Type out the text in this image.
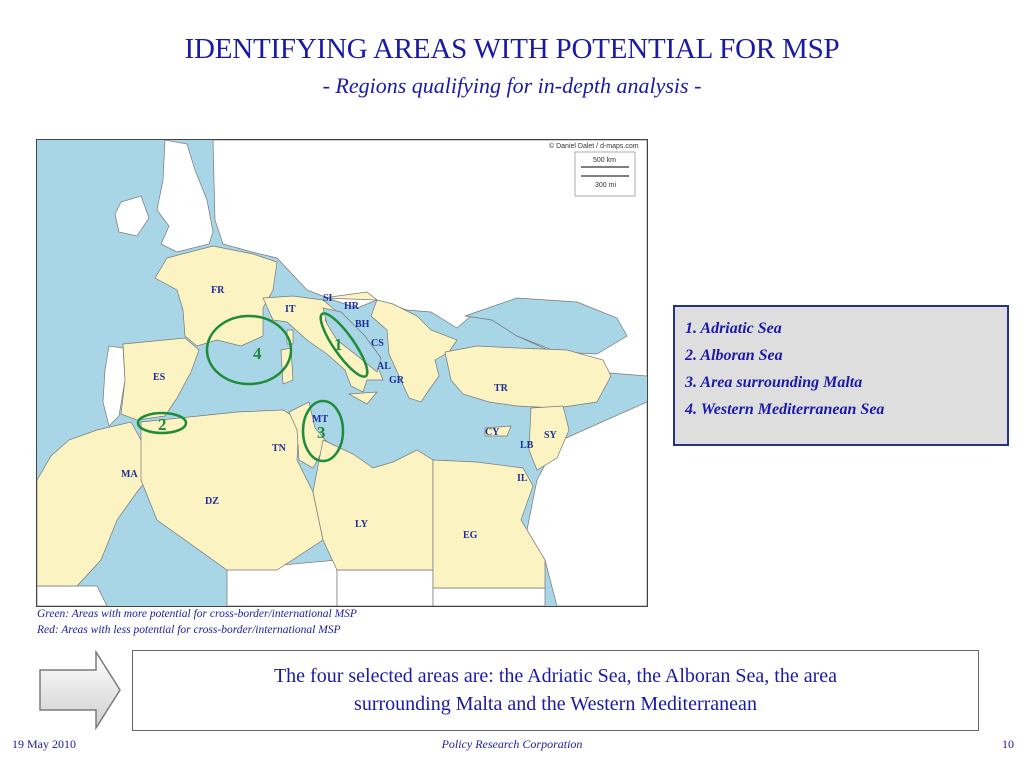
IDENTIFYING AREAS WITH POTENTIAL FOR MSP
- Regions qualifying for in-depth analysis -
© Daniel Dalet / d-maps.com
500 km
300 mi
FR
IT
SI
HR
BH
CS
AL
GR
TR
ES
MT
TN
CY
LB
SY
IL
MA
DZ
LY
EG
1
2	3
4
1. Adriatic Sea
2. Alboran Sea
3. Area surrounding Malta
4. Western Mediterranean Sea
Green: Areas with more potential for cross-border/international MSP
Red: Areas with less potential for cross-border/international MSP
The four selected areas are: the Adriatic Sea, the Alboran Sea, the area
surrounding Malta and the Western Mediterranean
19 May 2010	Policy Research Corporation	10
